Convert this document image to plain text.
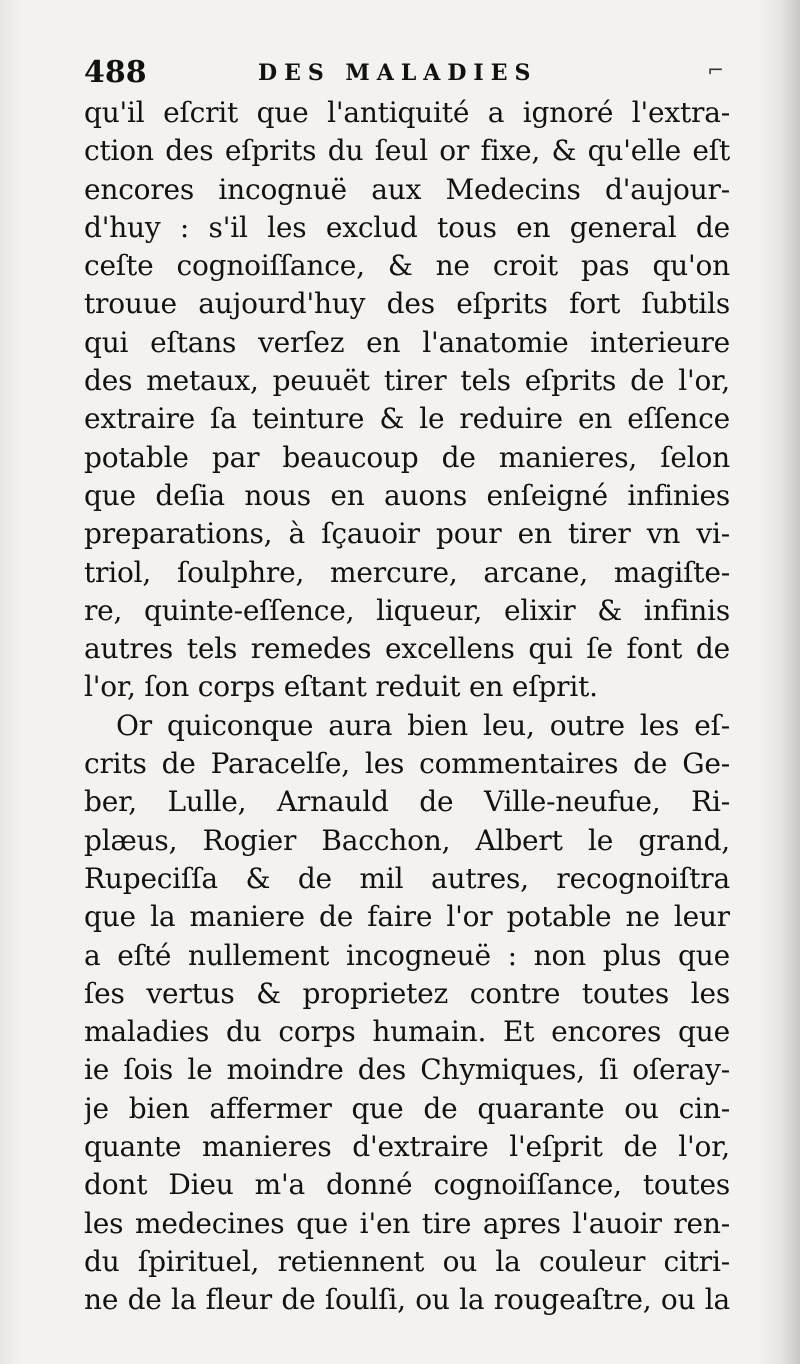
488	DES MALADIES	⌐
qu'il eſcrit que l'antiquité a ignoré l'extra-
ction des eſprits du ſeul or fixe, & qu'elle eſt
encores incognuë aux Medecins d'aujour-
d'huy : s'il les exclud tous en general de
ceſte cognoiſſance, & ne croit pas qu'on
trouue aujourd'huy des eſprits fort ſubtils
qui eſtans verſez en l'anatomie interieure
des metaux, peuuët tirer tels eſprits de l'or,
extraire ſa teinture & le reduire en eſſence
potable par beaucoup de manieres, ſelon
que deſia nous en auons enſeigné infinies
preparations, à ſçauoir pour en tirer vn vi-
triol, ſoulphre, mercure, arcane, magiſte-
re, quinte-eſſence, liqueur, elixir & infinis
autres tels remedes excellens qui ſe font de
l'or, ſon corps eſtant reduit en eſprit.
Or quiconque aura bien leu, outre les eſ-
crits de Paracelſe, les commentaires de Ge-
ber, Lulle, Arnauld de Ville-neufue, Ri-
plæus, Rogier Bacchon, Albert le grand,
Rupeciſſa & de mil autres, recognoiſtra
que la maniere de faire l'or potable ne leur
a eſté nullement incogneuë : non plus que
ſes vertus & proprietez contre toutes les
maladies du corps humain. Et encores que
ie ſois le moindre des Chymiques, ſi oſeray-
je bien affermer que de quarante ou cin-
quante manieres d'extraire l'eſprit de l'or,
dont Dieu m'a donné cognoiſſance, toutes
les medecines que i'en tire apres l'auoir ren-
du ſpirituel, retiennent ou la couleur citri-
ne de la fleur de ſoulſi, ou la rougeaſtre, ou la
